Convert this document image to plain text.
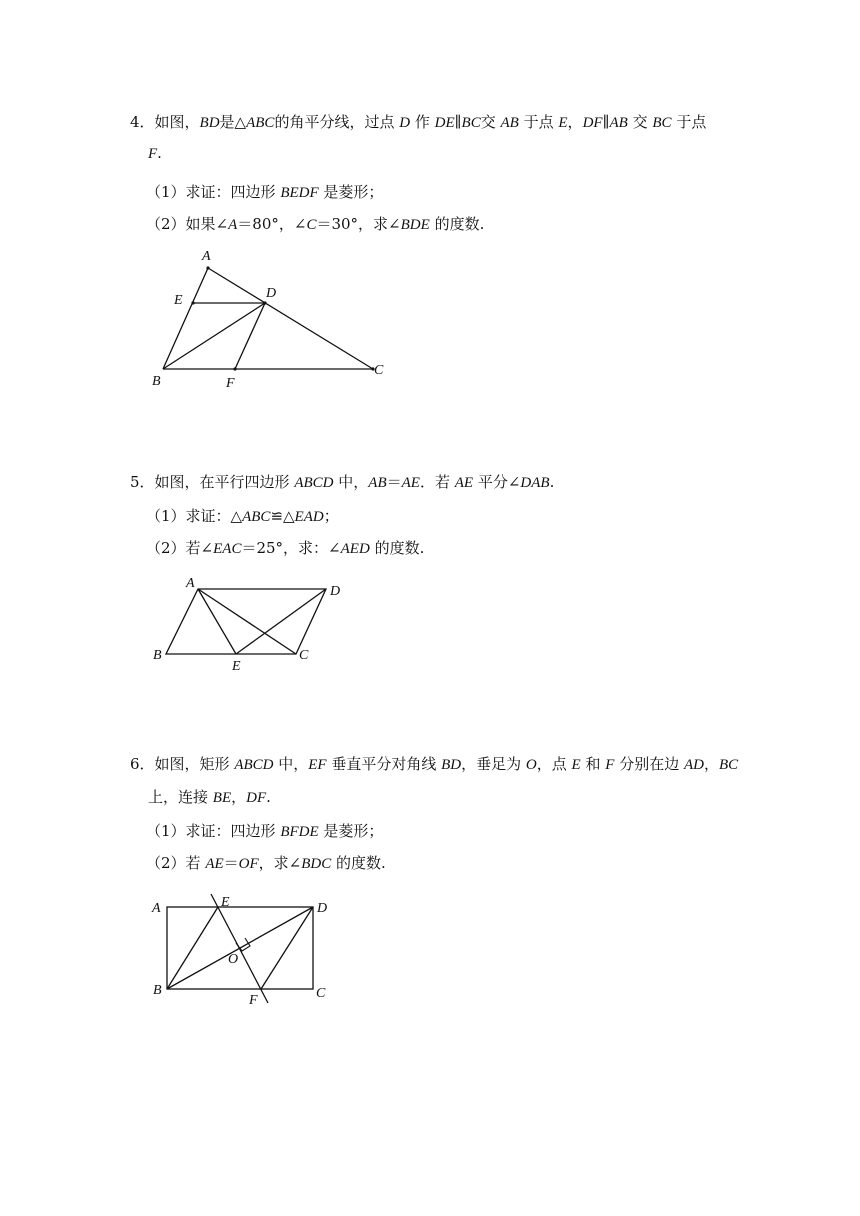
4．如图，BD是△ABC的角平分线，过点 D 作 DE∥BC交 AB 于点 E，DF∥AB 交 BC 于点
F.
（1）求证：四边形 BEDF 是菱形；
（2）如果∠A＝80°，∠C＝30°，求∠BDE 的度数.
A
E	D
B	F
C
5．如图，在平行四边形 ABCD 中，AB＝AE．若 AE 平分∠DAB.
（1）求证：△ABC≌△EAD；
（2）若∠EAC＝25°，求：∠AED 的度数.
A
D
B
E
C
6．如图，矩形 ABCD 中，EF 垂直平分对角线 BD，垂足为 O，点 E 和 F 分别在边 AD，BC
上，连接 BE，DF.
（1）求证：四边形 BFDE 是菱形；
（2）若 AE＝OF，求∠BDC 的度数.
A	E	D
O
B
F	C
